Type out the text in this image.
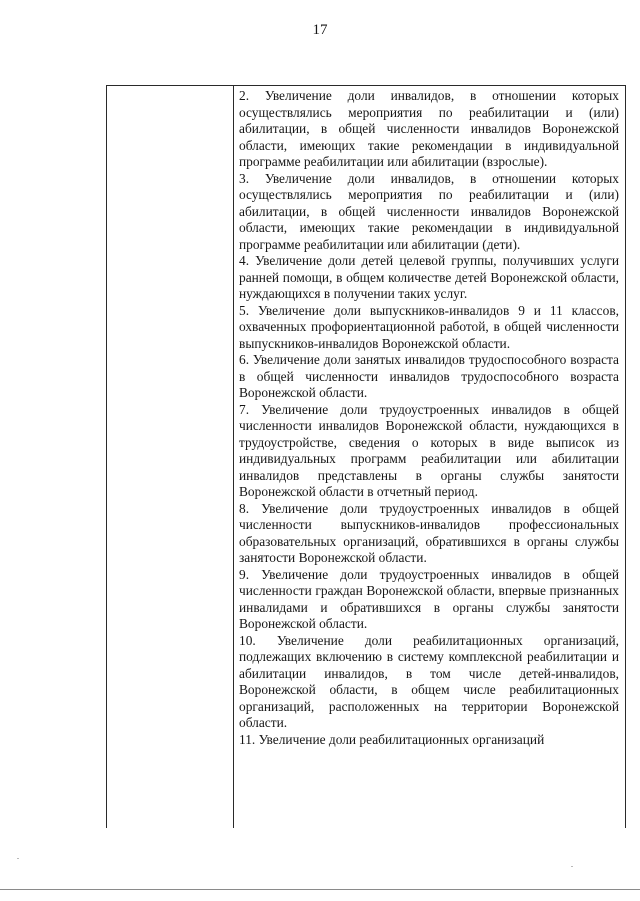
17

2. Увеличение доли инвалидов, в отношении которых осуществлялись мероприятия по реабилитации и (или) абилитации, в общей численности инвалидов Воронежской области, имеющих такие рекомендации в индивидуальной программе реабилитации или абилитации (взрослые).

3. Увеличение доли инвалидов, в отношении которых осуществлялись мероприятия по реабилитации и (или) абилитации, в общей численности инвалидов Воронежской области, имеющих такие рекомендации в индивидуальной программе реабилитации или абилитации (дети).

4. Увеличение доли детей целевой группы, получивших услуги ранней помощи, в общем количестве детей Воронежской области, нуждающихся в получении таких услуг.

5. Увеличение доли выпускников-инвалидов 9 и 11 классов, охваченных профориентационной работой, в общей численности выпускников-инвалидов Воронежской области.

6. Увеличение доли занятых инвалидов трудоспособного возраста в общей численности инвалидов трудоспособного возраста Воронежской области.

7. Увеличение доли трудоустроенных инвалидов в общей численности инвалидов Воронежской области, нуждающихся в трудоустройстве, сведения о которых в виде выписок из индивидуальных программ реабилитации или абилитации инвалидов представлены в органы службы занятости Воронежской области в отчетный период.

8. Увеличение доли трудоустроенных инвалидов в общей численности выпускников-инвалидов профессиональных образовательных организаций, обратившихся в органы службы занятости Воронежской области.

9. Увеличение доли трудоустроенных инвалидов в общей численности граждан Воронежской области, впервые признанных инвалидами и обратившихся в органы службы занятости Воронежской области.

10. Увеличение доли реабилитационных организаций, подлежащих включению в систему комплексной реабилитации и абилитации инвалидов, в том числе детей-инвалидов, Воронежской области, в общем числе реабилитационных организаций, расположенных на территории Воронежской области.

11. Увеличение доли реабилитационных организаций
